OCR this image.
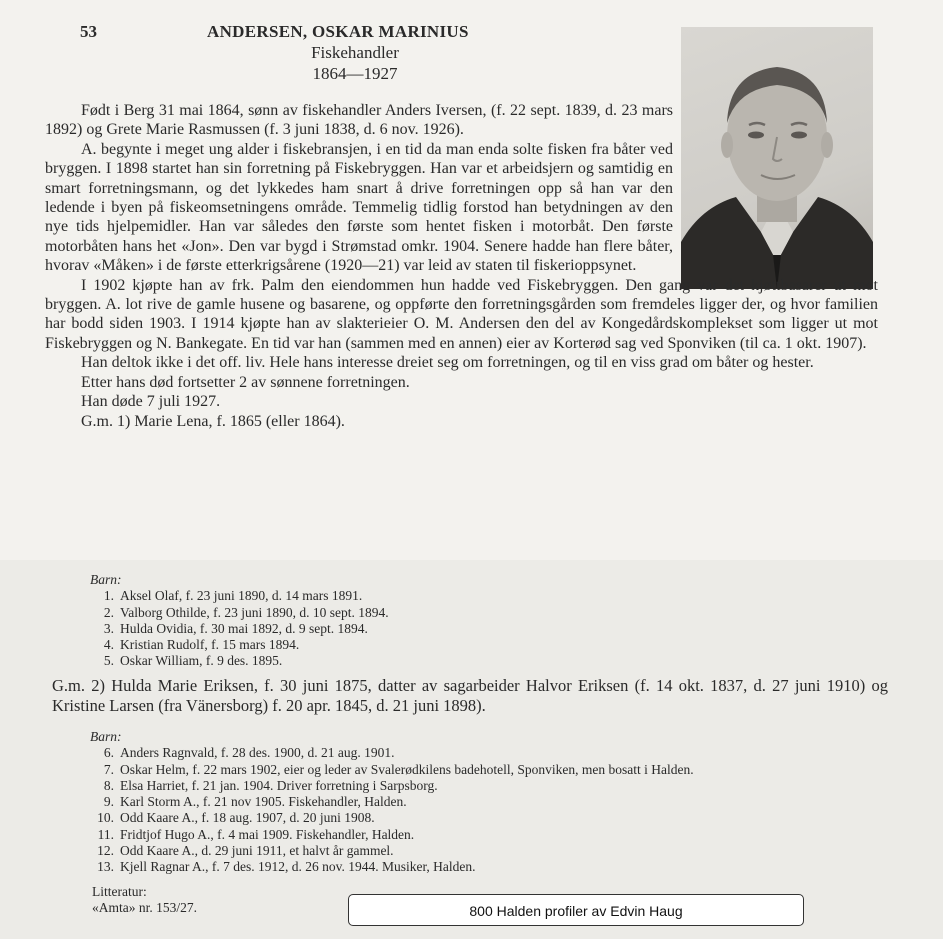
53	ANDERSEN, OSKAR MARINIUS
Fiskehandler
1864—1927

Født i Berg 31 mai 1864, sønn av fiskehandler Anders Iversen, (f. 22 sept. 1839, d. 23 mars 1892) og Grete Marie Rasmussen (f. 3 juni 1838, d. 6 nov. 1926).

A. begynte i meget ung alder i fiskebransjen, i en tid da man enda solte fisken fra båter ved bryggen. I 1898 startet han sin forretning på Fiskebryggen. Han var et arbeidsjern og samtidig en smart forretningsmann, og det lykkedes ham snart å drive forretningen opp så han var den ledende i byen på fiskeomsetningens område. Temmelig tidlig forstod han betydningen av den nye tids hjelpemidler. Han var således den første som hentet fisken i motorbåt. Den første motorbåten hans het «Jon». Den var bygd i Strømstad omkr. 1904. Senere hadde han flere båter, hvorav «Måken» i de første etterkrigsårene (1920—21) var leid av staten til fiskerioppsynet.

I 1902 kjøpte han av frk. Palm den eiendommen hun hadde ved Fiskebryggen. Den gang var det kjøttbasarer ut mot bryggen. A. lot rive de gamle husene og basarene, og oppførte den forretningsgården som fremdeles ligger der, og hvor familien har bodd siden 1903. I 1914 kjøpte han av slakterieier O. M. Andersen den del av Kongedårdskomplekset som ligger ut mot Fiskebryggen og N. Bankegate. En tid var han (sammen med en annen) eier av Korterød sag ved Sponviken (til ca. 1 okt. 1907).

Han deltok ikke i det off. liv. Hele hans interesse dreiet seg om forretningen, og til en viss grad om båter og hester.

Etter hans død fortsetter 2 av sønnene forretningen.

Han døde 7 juli 1927.

G.m. 1) Marie Lena, f. 1865 (eller 1864).

Barn:
1. Aksel Olaf, f. 23 juni 1890, d. 14 mars 1891.
2. Valborg Othilde, f. 23 juni 1890, d. 10 sept. 1894.
3. Hulda Ovidia, f. 30 mai 1892, d. 9 sept. 1894.
4. Kristian Rudolf, f. 15 mars 1894.
5. Oskar William, f. 9 des. 1895.
G.m. 2) Hulda Marie Eriksen, f. 30 juni 1875, datter av sagarbeider Halvor Eriksen (f. 14 okt. 1837, d. 27 juni 1910) og Kristine Larsen (fra Vänersborg) f. 20 apr. 1845, d. 21 juni 1898).
Barn:
6. Anders Ragnvald, f. 28 des. 1900, d. 21 aug. 1901.
7. Oskar Helm, f. 22 mars 1902, eier og leder av Svalerødkilens badehotell, Sponviken, men bosatt i Halden.
8. Elsa Harriet, f. 21 jan. 1904. Driver forretning i Sarpsborg.
9. Karl Storm A., f. 21 nov 1905. Fiskehandler, Halden.
10. Odd Kaare A., f. 18 aug. 1907, d. 20 juni 1908.
11. Fridtjof Hugo A., f. 4 mai 1909. Fiskehandler, Halden.
12. Odd Kaare A., d. 29 juni 1911, et halvt år gammel.
13. Kjell Ragnar A., f. 7 des. 1912, d. 26 nov. 1944. Musiker, Halden.
Litteratur:
«Amta» nr. 153/27.	800 Halden profiler av Edvin Haug
